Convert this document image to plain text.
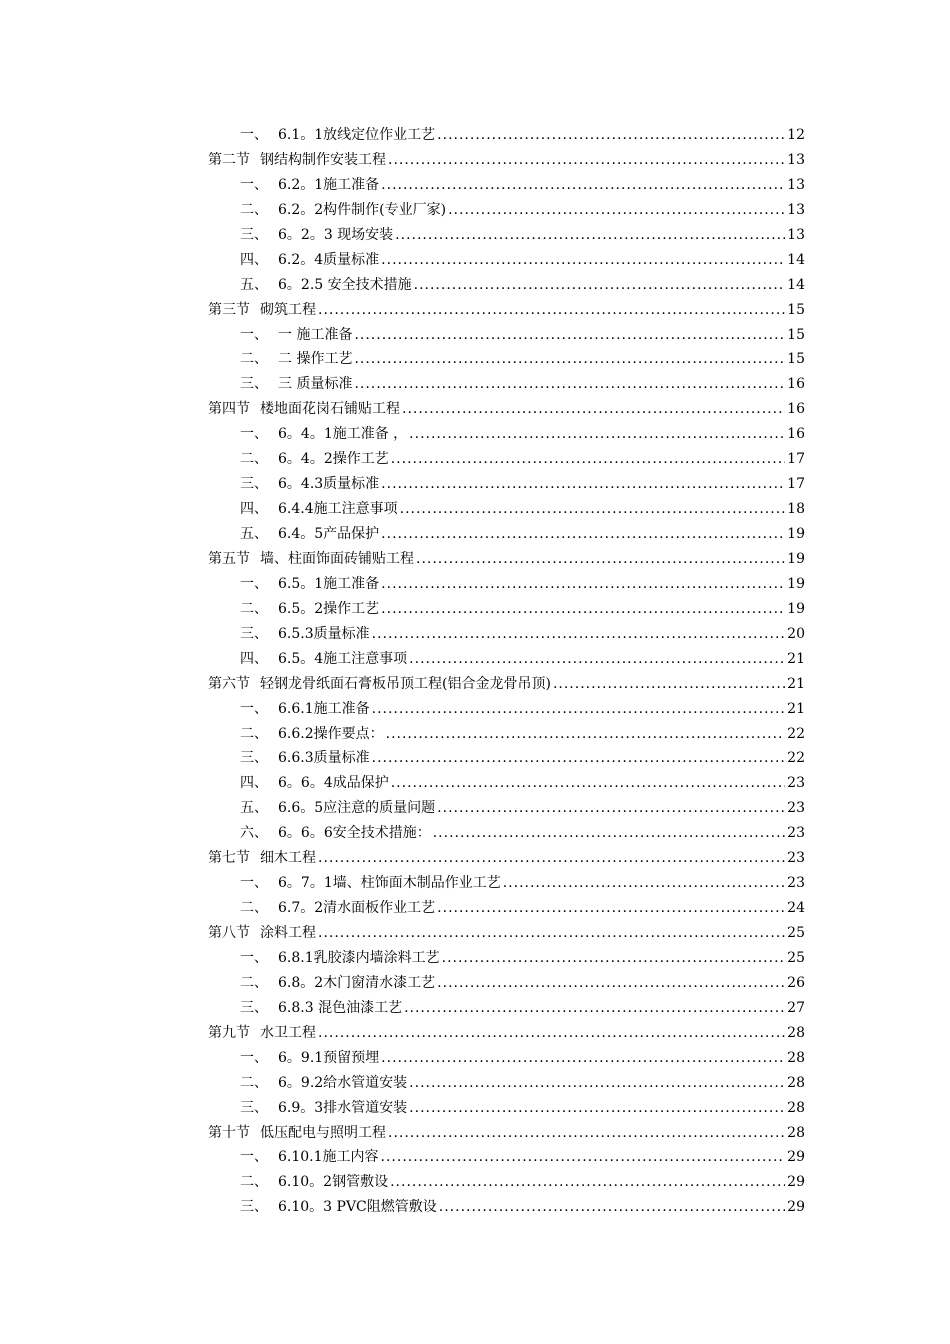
一、 6.1。1放线定位作业工艺 .....	12
第二节 钢结构制作安装工程 .....	13
一、 6.2。1施工准备 .....	13
二、 6.2。2构件制作(专业厂家) .....	13
三、 6。2。3 现场安装 .....	13
四、 6.2。4质量标准 .....	14
五、 6。2.5 安全技术措施 .....	14
第三节 砌筑工程 .....	15
一、 一 施工准备 .....	15
二、 二 操作工艺 .....	15
三、 三 质量标准 .....	16
第四节 楼地面花岗石铺贴工程 .....	16
一、 6。4。1施工准备 ， .....	16
二、 6。4。2操作工艺 .....	17
三、 6。4.3质量标准 .....	17
四、 6.4.4施工注意事项 .....	18
五、 6.4。5产品保护 .....	19
第五节 墙、柱面饰面砖铺贴工程 .....	19
一、 6.5。1施工准备 .....	19
二、 6.5。2操作工艺 .....	19
三、 6.5.3质量标准 .....	20
四、 6.5。4施工注意事项 .....	21
第六节 轻钢龙骨纸面石膏板吊顶工程(铝合金龙骨吊顶) .....	21
一、 6.6.1施工准备 .....	21
二、 6.6.2操作要点： .....	22
三、 6.6.3质量标准 .....	22
四、 6。6。4成品保护 .....	23
五、 6.6。5应注意的质量问题 .....	23
六、 6。6。6安全技术措施： .....	23
第七节 细木工程 .....	23
一、 6。7。1墙、柱饰面木制品作业工艺 .....	23
二、 6.7。2清水面板作业工艺 .....	24
第八节 涂料工程 .....	25
一、 6.8.1乳胶漆内墙涂料工艺 .....	25
二、 6.8。2木门窗清水漆工艺 .....	26
三、 6.8.3 混色油漆工艺 .....	27
第九节 水卫工程 .....	28
一、 6。9.1预留预埋 .....	28
二、 6。9.2给水管道安装 .....	28
三、 6.9。3排水管道安装 .....	28
第十节 低压配电与照明工程 .....	28
一、 6.10.1施工内容 .....	29
二、 6.10。2钢管敷设 .....	29
三、 6.10。3 PVC阻燃管敷设 .....	29
